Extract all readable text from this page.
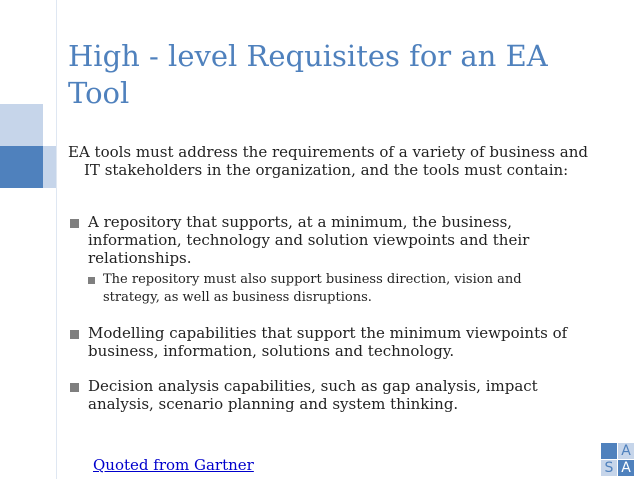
High - level Requisites for an EA Tool
EA tools must address the requirements of a variety of business and IT stakeholders in the organization, and the tools must contain:
A repository that supports, at a minimum, the business, information, technology and solution viewpoints and their relationships.
The repository must also support business direction, vision and strategy, as well as business disruptions.
Modelling capabilities that support the minimum viewpoints of business, information, solutions and technology.
Decision analysis capabilities, such as gap analysis, impact analysis, scenario planning and system thinking.
Quoted from Gartner
A
S A
